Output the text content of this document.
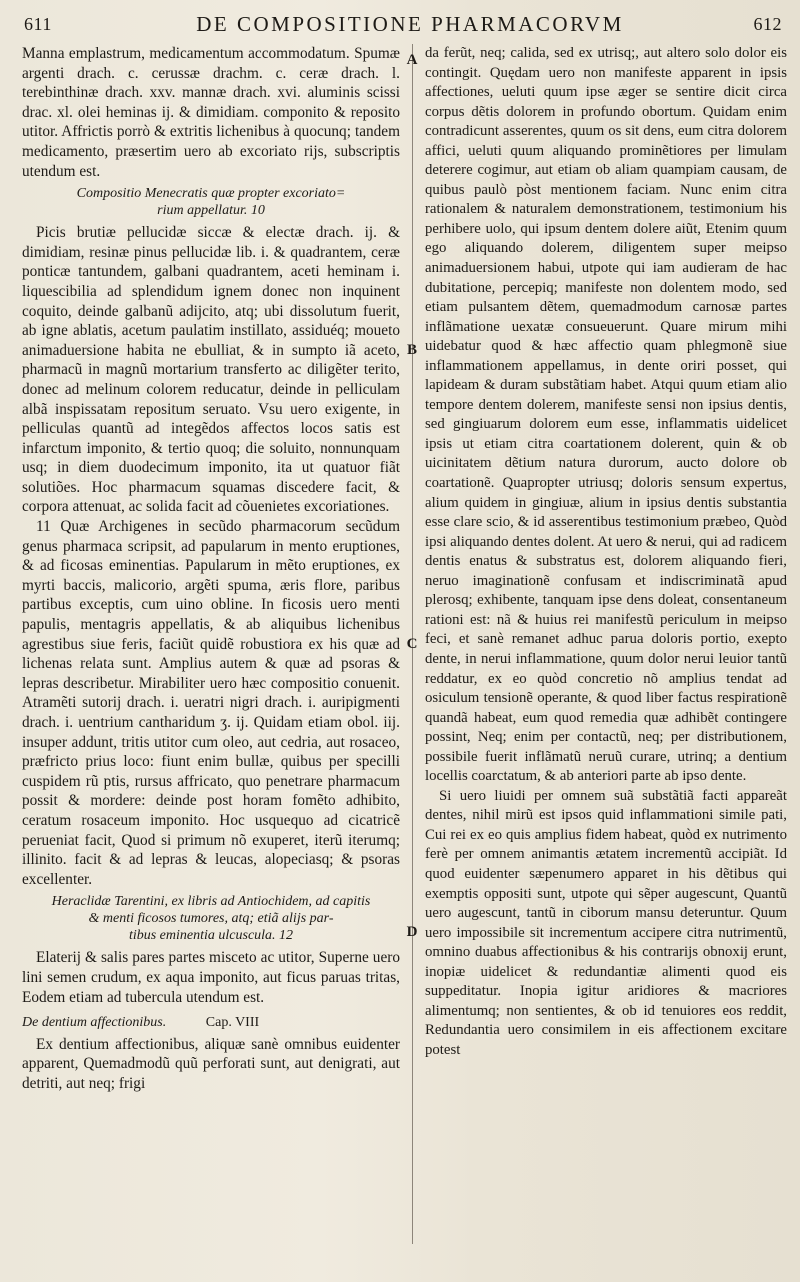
611	DE COMPOSITIONE PHARMACORVM	612

Manna emplastrum, medicamentum accommodatum. Spumæ argenti drach. c. cerussæ drachm. c. ceræ drach. l. terebinthinæ drach. xxv. mannæ drach. xvi. aluminis scissi drac. xl. olei heminas ij. & dimidiam. componito & reposito utitor. Affrictis porrò & extritis lichenibus à quocunq; tandem medicamento, præsertim uero ab excoriato rijs, subscriptis utendum est.

Compositio Menecratis quæ propter excoriato=
rium appellatur. 10

Picis brutiæ pellucidæ siccæ & electæ drach. ij. & dimidiam, resinæ pinus pellucidæ lib. i. & quadrantem, ceræ ponticæ tantundem, galbani quadrantem, aceti heminam i. liquescibilia ad splendidum ignem donec non inquinent coquito, deinde galbanũ adijcito, atq; ubi dissolutum fuerit, ab igne ablatis, acetum paulatim instillato, assiduéq; moueto animaduersione habita ne ebulliat, & in sumpto iã aceto, pharmacũ in magnũ mortarium transferto ac diligẽter terito, donec ad melinum colorem reducatur, deinde in pelliculam albã inspissatam repositum seruato. Vsu uero exigente, in pelliculas quantũ ad integẽdos affectos locos satis est infarctum imponito, & tertio quoq; die soluito, nonnunquam usq; in diem duodecimum imponito, ita ut quatuor fiãt solutiões. Hoc pharmacum squamas discedere facit, & corpora attenuat, ac solida facit ad cõuenietes excoriationes.

11 Quæ Archigenes in secũdo pharmacorum secũdum genus pharmaca scripsit, ad papularum in mento eruptiones, & ad ficosas eminentias. Papularum in mẽto eruptiones, ex myrti baccis, malicorio, argẽti spuma, æris flore, paribus partibus exceptis, cum uino obline. In ficosis uero menti papulis, mentagris appellatis, & ab aliquibus lichenibus agrestibus siue feris, faciũt quidẽ robustiora ex his quæ ad lichenas relata sunt. Amplius autem & quæ ad psoras & lepras describetur. Mirabiliter uero hæc compositio conuenit. Atramẽti sutorij drach. i. ueratri nigri drach. i. auripigmenti drach. i. uentrium cantharidum ʒ. ij. Quidam etiam obol. iij. insuper addunt, tritis utitor cum oleo, aut cedria, aut rosaceo, præfricto prius loco: fiunt enim bullæ, quibus per specilli cuspidem rũ ptis, rursus affricato, quo penetrare pharmacum possit & mordere: deinde post horam fomẽto adhibito, ceratum rosaceum imponito. Hoc usquequo ad cicatricẽ perueniat facit, Quod si primum nõ exuperet, iterũ iterumq; illinito. facit & ad lepras & leucas, alopeciasq; & psoras excellenter.

Heraclidæ Tarentini, ex libris ad Antiochidem, ad capitis
& menti ficosos tumores, atq; etiã alijs par-
tibus eminentia ulcuscula. 12

Elaterij & salis pares partes misceto ac utitor, Superne uero lini semen crudum, ex aqua imponito, aut ficus paruas tritas, Eodem etiam ad tubercula utendum est.

De dentium affectionibus.	Cap. VIII

Ex dentium affectionibus, aliquæ sanè omnibus euidenter apparent, Quemadmodũ quũ perforati sunt, aut denigrati, aut detriti, aut neq; frigi

A
B
C
D

da ferũt, neq; calida, sed ex utrisq;, aut altero solo dolor eis contingit. Quędam uero non manifeste apparent in ipsis affectiones, ueluti quum ipse æger se sentire dicit circa corpus dẽtis dolorem in profundo obortum. Quidam enim contradicunt asserentes, quum os sit dens, eum citra dolorem affici, ueluti quum aliquando prominẽtiores per limulam deterere cogimur, aut etiam ob aliam quampiam causam, de quibus paulò pòst mentionem faciam. Nunc enim citra rationalem & naturalem demonstrationem, testimonium his perhibere uolo, qui ipsum dentem dolere aiũt, Etenim quum ego aliquando dolerem, diligentem super meipso animaduersionem habui, utpote qui iam audieram de hac dubitatione, percepiq; manifeste non dolentem modo, sed etiam pulsantem dẽtem, quemadmodum carnosæ partes inflãmatione uexatæ consueuerunt. Quare mirum mihi uidebatur quod & hæc affectio quam phlegmonẽ siue inflammationem appellamus, in dente oriri posset, qui lapideam & duram substãtiam habet. Atqui quum etiam alio tempore dentem dolerem, manifeste sensi non ipsius dentis, sed gingiuarum dolorem eum esse, inflammatis uidelicet ipsis ut etiam citra coartationem dolerent, quin & ob uicinitatem dẽtium natura durorum, aucto dolore ob coartationẽ. Quapropter utriusq; doloris sensum expertus, alium quidem in gingiuæ, alium in ipsius dentis substantia esse clare scio, & id asserentibus testimonium præbeo, Quòd ipsi aliquando dentes dolent. At uero & nerui, qui ad radicem dentis enatus & substratus est, dolorem aliquando fieri, neruo imaginationẽ confusam et indiscriminatã apud plerosq; exhibente, tanquam ipse dens doleat, consentaneum rationi est: nã & huius rei manifestũ periculum in meipso feci, et sanè remanet adhuc parua doloris portio, exepto dente, in nerui inflammatione, quum dolor nerui leuior tantũ reddatur, ex eo quòd concretio nõ amplius tendat ad osiculum tensionẽ operante, & quod liber factus respirationẽ quandã habeat, eum quod remedia quæ adhibẽt contingere possint, Neq; enim per contactũ, neq; per distributionem, possibile fuerit inflãmatũ neruũ curare, utrinq; a dentium locellis coarctatum, & ab anteriori parte ab ipso dente.

Si uero liuidi per omnem suã substãtiã facti appareãt dentes, nihil mirũ est ipsos quid inflammationi simile pati, Cui rei ex eo quis amplius fidem habeat, quòd ex nutrimento ferè per omnem animantis ætatem incrementũ accipiãt. Id quod euidenter sæpenumero apparet in his dẽtibus qui exemptis oppositi sunt, utpote qui sẽper augescunt, Quantũ uero augescunt, tantũ in ciborum mansu deteruntur. Quum uero impossibile sit incrementum accipere citra nutrimentũ, omnino duabus affectionibus & his contrarijs obnoxij erunt, inopiæ uidelicet & redundantiæ alimenti quod eis suppeditatur. Inopia igitur aridiores & macriores alimentumq; non sentientes, & ob id tenuiores eos reddit, Redundantia uero consimilem in eis affectionem excitare potest
